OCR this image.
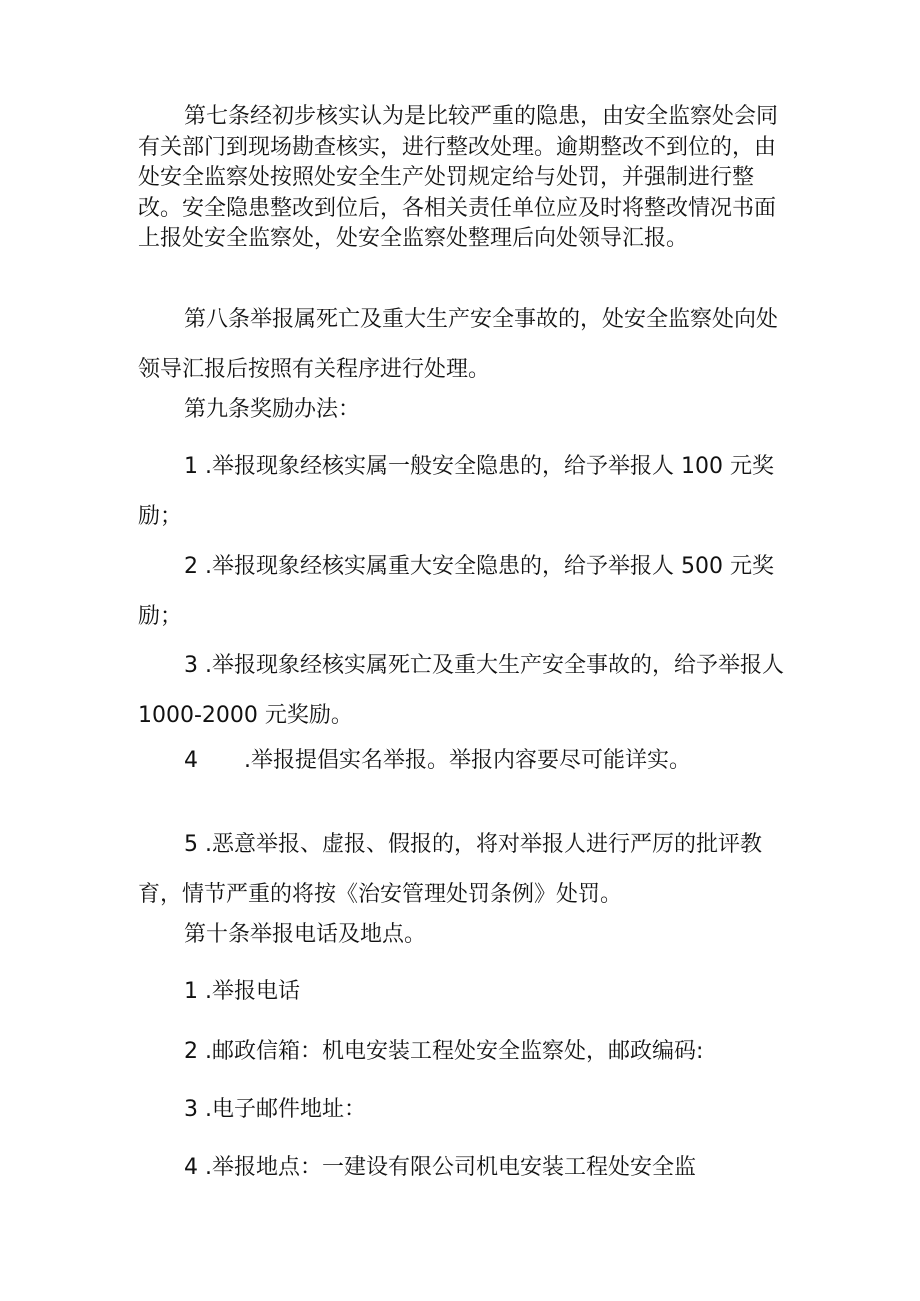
第七条经初步核实认为是比较严重的隐患，由安全监察处会同有关部门到现场勘查核实，进行整改处理。逾期整改不到位的，由处安全监察处按照处安全生产处罚规定给与处罚，并强制进行整改。安全隐患整改到位后，各相关责任单位应及时将整改情况书面上报处安全监察处，处安全监察处整理后向处领导汇报。

第八条举报属死亡及重大生产安全事故的，处安全监察处向处领导汇报后按照有关程序进行处理。

第九条奖励办法：

1 .举报现象经核实属一般安全隐患的，给予举报人 100 元奖励；

2 .举报现象经核实属重大安全隐患的，给予举报人 500 元奖励；

3 .举报现象经核实属死亡及重大生产安全事故的，给予举报人 1000-2000 元奖励。

4 .举报提倡实名举报。举报内容要尽可能详实。

5 .恶意举报、虚报、假报的，将对举报人进行严厉的批评教育，情节严重的将按《治安管理处罚条例》处罚。

第十条举报电话及地点。

1 .举报电话

2 .邮政信箱：机电安装工程处安全监察处，邮政编码:

3 .电子邮件地址：

4 .举报地点：一建设有限公司机电安装工程处安全监
